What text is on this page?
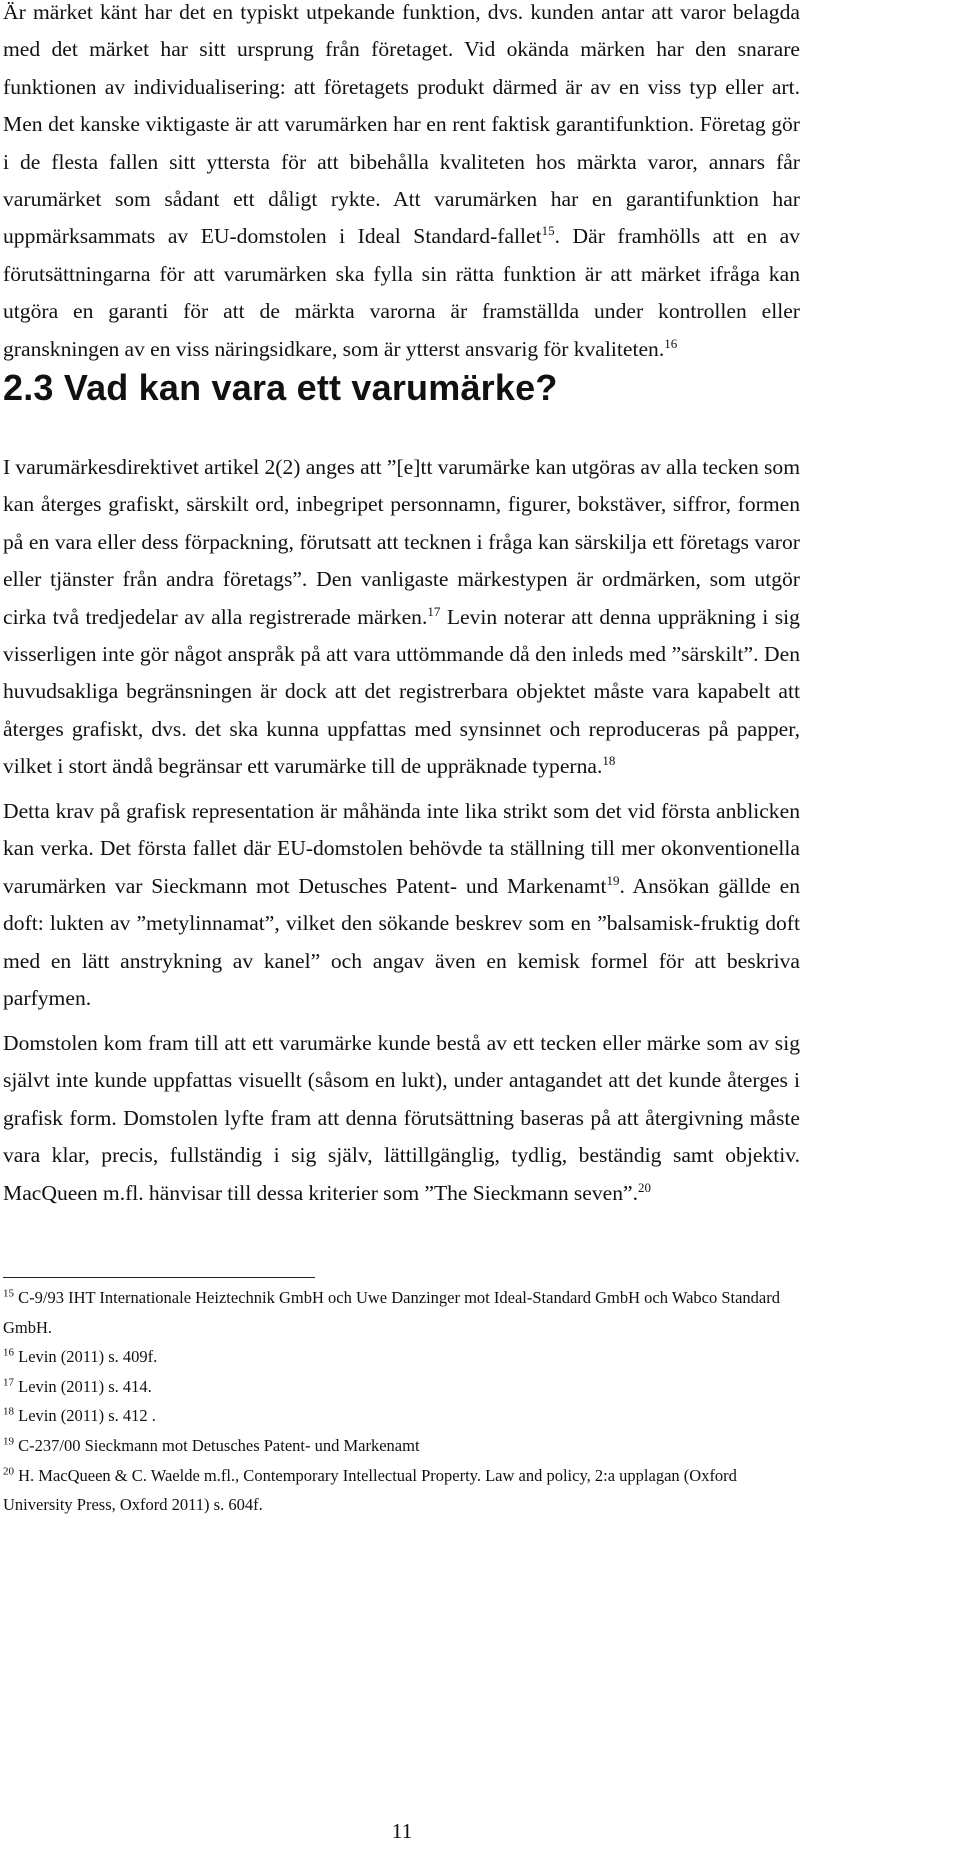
Är märket känt har det en typiskt utpekande funktion, dvs. kunden antar att varor belagda med det märket har sitt ursprung från företaget. Vid okända märken har den snarare funktionen av individualisering: att företagets produkt därmed är av en viss typ eller art. Men det kanske viktigaste är att varumärken har en rent faktisk garantifunktion. Företag gör i de flesta fallen sitt yttersta för att bibehålla kvaliteten hos märkta varor, annars får varumärket som sådant ett dåligt rykte. Att varumärken har en garantifunktion har uppmärksammats av EU-domstolen i Ideal Standard-fallet$^{15}$. Där framhölls att en av förutsättningarna för att varumärken ska fylla sin rätta funktion är att märket ifråga kan utgöra en garanti för att de märkta varorna är framställda under kontrollen eller granskningen av en viss näringsidkare, som är ytterst ansvarig för kvaliteten.$^{16}$

2.3 Vad kan vara ett varumärke?

I varumärkesdirektivet artikel 2(2) anges att ”[e]tt varumärke kan utgöras av alla tecken som kan återges grafiskt, särskilt ord, inbegripet personnamn, figurer, bokstäver, siffror, formen på en vara eller dess förpackning, förutsatt att tecknen i fråga kan särskilja ett företags varor eller tjänster från andra företags”. Den vanligaste märkestypen är ordmärken, som utgör cirka två tredjedelar av alla registrerade märken.$^{17}$ Levin noterar att denna uppräkning i sig visserligen inte gör något anspråk på att vara uttömmande då den inleds med ”särskilt”. Den huvudsakliga begränsningen är dock att det registrerbara objektet måste vara kapabelt att återges grafiskt, dvs. det ska kunna uppfattas med synsinnet och reproduceras på papper, vilket i stort ändå begränsar ett varumärke till de uppräknade typerna.$^{18}$

Detta krav på grafisk representation är måhända inte lika strikt som det vid första anblicken kan verka. Det första fallet där EU-domstolen behövde ta ställning till mer okonventionella varumärken var Sieckmann mot Detusches Patent- und Markenamt$^{19}$. Ansökan gällde en doft: lukten av ”metylinnamat”, vilket den sökande beskrev som en ”balsamisk-fruktig doft med en lätt anstrykning av kanel” och angav även en kemisk formel för att beskriva parfymen.

Domstolen kom fram till att ett varumärke kunde bestå av ett tecken eller märke som av sig självt inte kunde uppfattas visuellt (såsom en lukt), under antagandet att det kunde återges i grafisk form. Domstolen lyfte fram att denna förutsättning baseras på att återgivning måste vara klar, precis, fullständig i sig själv, lättillgänglig, tydlig, beständig samt objektiv. MacQueen m.fl. hänvisar till dessa kriterier som ”The Sieckmann seven”.$^{20}$

$^{15}$ C-9/93 IHT Internationale Heiztechnik GmbH och Uwe Danzinger mot Ideal-Standard GmbH och Wabco Standard GmbH.

$^{16}$ Levin (2011) s. 409f.

$^{17}$ Levin (2011) s. 414.

$^{18}$ Levin (2011) s. 412 .

$^{19}$ C-237/00 Sieckmann mot Detusches Patent- und Markenamt

$^{20}$ H. MacQueen & C. Waelde m.fl., Contemporary Intellectual Property. Law and policy, 2:a upplagan (Oxford University Press, Oxford 2011) s. 604f.

11
